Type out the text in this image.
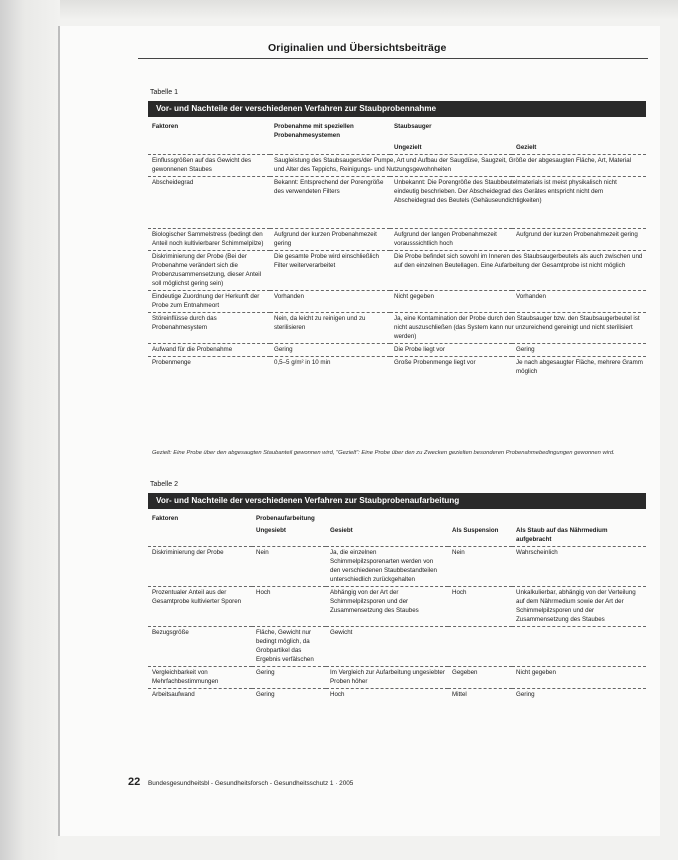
Originalien und Übersichtsbeiträge
Tabelle 1
Vor- und Nachteile der verschiedenen Verfahren zur Staubprobennahme
Faktoren	Probenahme mit speziellen Probenahmesystemen	Staubsauger	
		Ungezielt	Gezielt
Einflussgrößen auf das Gewicht des gewonnenen Staubes	Saugleistung des Staubsaugers/der Pumpe, Art und Aufbau der Saugdüse, Saugzeit, Größe der abgesaugten Fläche, Art, Material und Alter des Teppichs, Reinigungs- und Nutzungsgewohnheiten		
Abscheidegrad	Bekannt: Entsprechend der Porengröße des verwendeten Filters	Unbekannt: Die Porengröße des Staubbeutelmaterials ist meist physikalisch nicht eindeutig beschrieben. Der Abscheidegrad des Gerätes entspricht nicht dem Abscheidegrad des Beutels (Gehäuseundichtigkeiten)	
Biologischer Sammelstress (bedingt den Anteil noch kultivierbarer Schimmelpilze)	Aufgrund der kurzen Probenahmezeit gering	Aufgrund der langen Probenahmezeit vorausssichtlich hoch	Aufgrund der kurzen Probenahmezeit gering
Diskriminierung der Probe (Bei der Probenahme verändert sich die Probenzusammensetzung, dieser Anteil soll möglichst gering sein)	Die gesamte Probe wird einschließlich Filter weiterverarbeitet	Die Probe befindet sich sowohl im Inneren des Staubsaugerbeutels als auch zwischen und auf den einzelnen Beutellagen. Eine Aufarbeitung der Gesamtprobe ist nicht möglich	
Eindeutige Zuordnung der Herkunft der Probe zum Entnahmeort	Vorhanden	Nicht gegeben	Vorhanden
Störeinflüsse durch das Probenahmesystem	Nein, da leicht zu reinigen und zu sterilisieren	Ja, eine Kontamination der Probe durch den Staubsauger bzw. den Staubsaugerbeutel ist nicht auszuschließen (das System kann nur unzureichend gereinigt und nicht sterilisiert werden)	
Aufwand für die Probenahme	Gering	Die Probe liegt vor	Gering
Probenmenge	0,5–5 g/m² in 10 min	Große Probenmenge liegt vor	Je nach abgesaugter Fläche, mehrere Gramm möglich
Gezielt: Eine Probe über den abgesaugten Staubanteil gewonnen wird, "Gezielt": Eine Probe über den zu Zwecken gezielten besonderen Probenahmebedingungen gewonnen wird.
Tabelle 2
Vor- und Nachteile der verschiedenen Verfahren zur Staubprobenaufarbeitung
Faktoren	Probenaufarbeitung			
	Ungesiebt	Gesiebt	Als Suspension	Als Staub auf das Nährmedium aufgebracht
Diskriminierung der Probe	Nein	Ja, die einzelnen Schimmelpilzsporenarten werden von den verschiedenen Staubbestandteilen unterschiedlich zurückgehalten	Nein	Wahrscheinlich
Prozentualer Anteil aus der Gesamtprobe kultivierter Sporen	Hoch	Abhängig von der Art der Schimmelpilzsporen und der Zusammensetzung des Staubes	Hoch	Unkalkulierbar, abhängig von der Verteilung auf dem Nährmedium sowie der Art der Schimmelpilzsporen und der Zusammensetzung des Staubes
Bezugsgröße	Fläche, Gewicht nur bedingt möglich, da Grobpartikel das Ergebnis verfälschen	Gewicht		
Vergleichbarkeit von Mehrfachbestimmungen	Gering	Im Vergleich zur Aufarbeitung ungesiebter Proben höher	Gegeben	Nicht gegeben
Arbeitsaufwand	Gering	Hoch	Mittel	Gering
22 Bundesgesundheitsbl - Gesundheitsforsch - Gesundheitsschutz 1 · 2005
